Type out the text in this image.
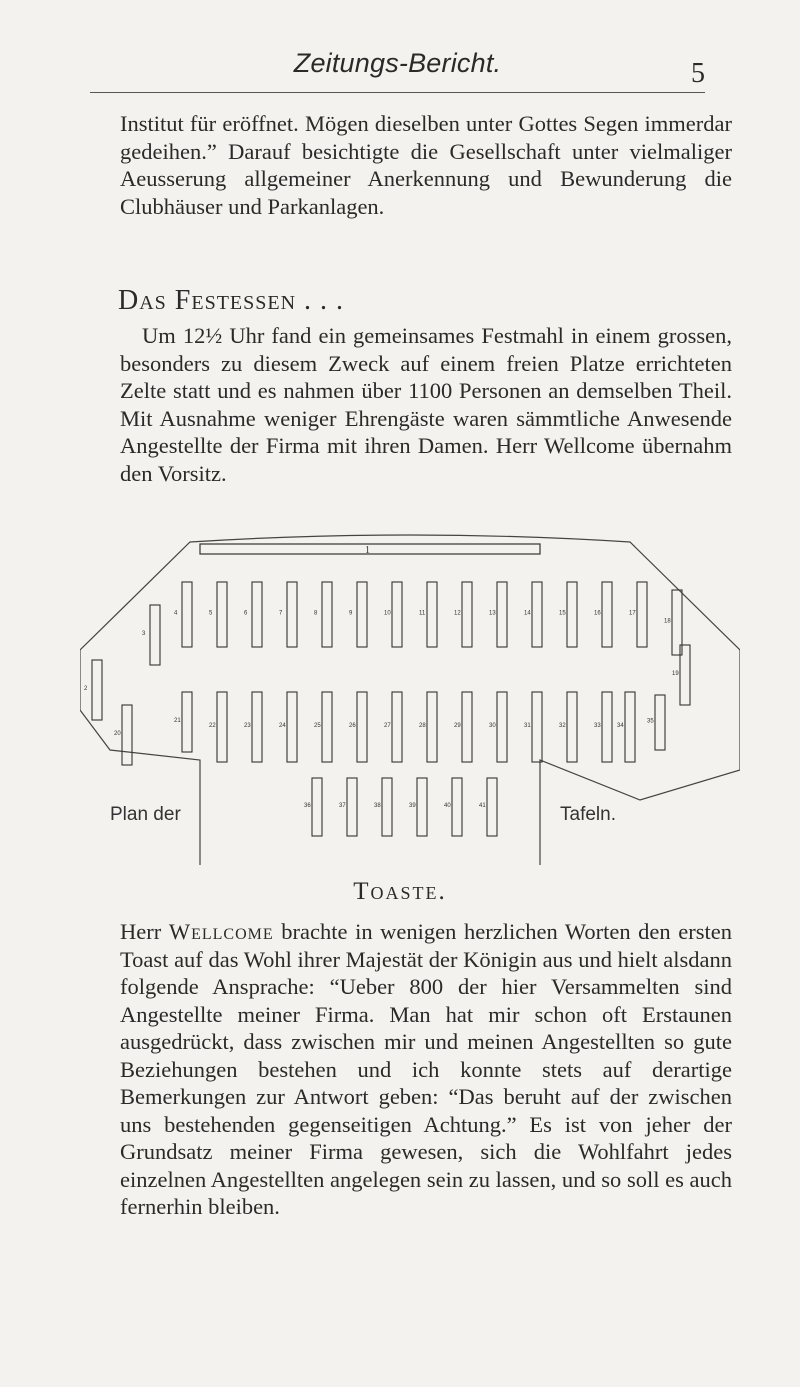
Zeitungs-Bericht.	5

Institut für eröffnet. Mögen dieselben unter Gottes Segen immerdar gedeihen.” Darauf besichtigte die Gesellschaft unter vielmaliger Aeusserung allgemeiner Anerkennung und Bewunderung die Clubhäuser und Parkanlagen.

Das Festessen . . .

Um 12½ Uhr fand ein gemeinsames Festmahl in einem grossen, besonders zu diesem Zweck auf einem freien Platze errichteten Zelte statt und es nahmen über 1100 Personen an demselben Theil. Mit Ausnahme weniger Ehrengäste waren sämmtliche Anwesende Angestellte der Firma mit ihren Damen. Herr Wellcome übernahm den Vorsitz.

1
2
3
4	5	6	7	8	9	10	11	12	13	14	15	16	17
18
19
20
21
22	23	24	25	26	27	28	29	30	31	32	33	34
35
36	37	38	39	40	41
Plan der	Tafeln.
Toaste.

Herr Wellcome brachte in wenigen herzlichen Worten den ersten Toast auf das Wohl ihrer Majestät der Königin aus und hielt alsdann folgende Ansprache: “Ueber 800 der hier Versammelten sind Angestellte meiner Firma. Man hat mir schon oft Erstaunen ausgedrückt, dass zwischen mir und meinen Angestellten so gute Beziehungen bestehen und ich konnte stets auf derartige Bemerkungen zur Antwort geben: “Das beruht auf der zwischen uns bestehenden gegenseitigen Achtung.” Es ist von jeher der Grundsatz meiner Firma gewesen, sich die Wohlfahrt jedes einzelnen Angestellten angelegen sein zu lassen, und so soll es auch fernerhin bleiben.
